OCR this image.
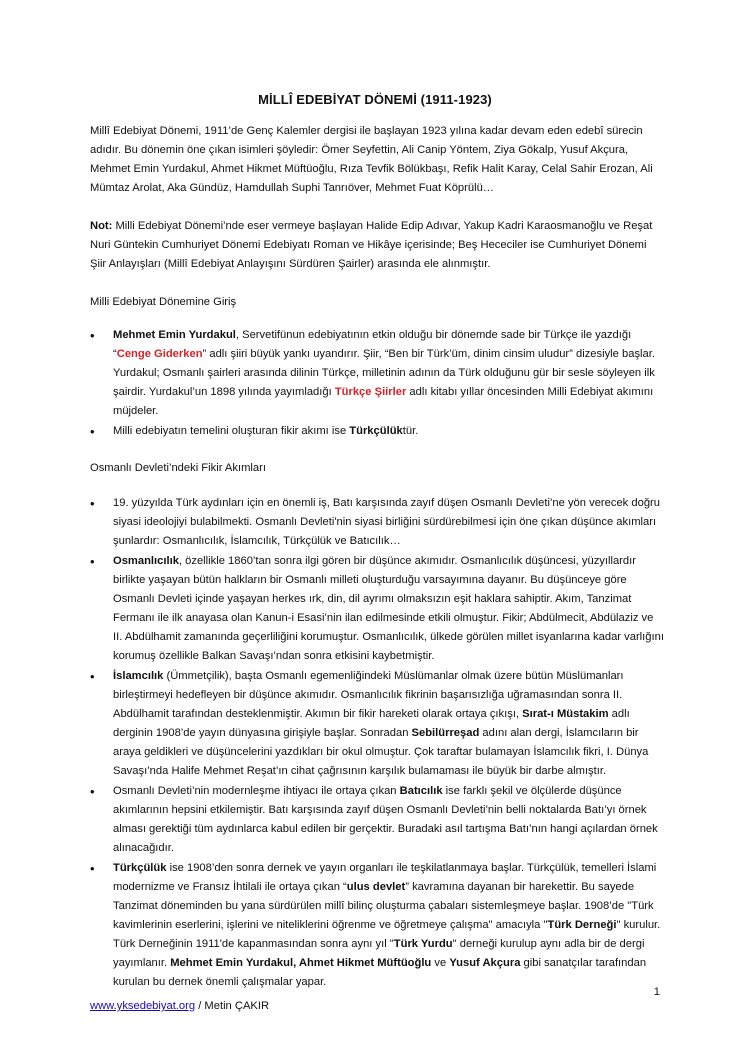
MİLLÎ EDEBİYAT DÖNEMİ (1911-1923)

Millî Edebiyat Dönemi, 1911’de Genç Kalemler dergisi ile başlayan 1923 yılına kadar devam eden edebî sürecin adıdır. Bu dönemin öne çıkan isimleri şöyledir: Ömer Seyfettin, Ali Canip Yöntem, Ziya Gökalp, Yusuf Akçura, Mehmet Emin Yurdakul, Ahmet Hikmet Müftüoğlu, Rıza Tevfik Bölükbaşı, Refik Halit Karay, Celal Sahir Erozan, Ali Mümtaz Arolat, Aka Gündüz, Hamdullah Suphi Tanrıöver, Mehmet Fuat Köprülü…

Not: Milli Edebiyat Dönemi’nde eser vermeye başlayan Halide Edip Adıvar, Yakup Kadri Karaosmanoğlu ve Reşat Nuri Güntekin Cumhuriyet Dönemi Edebiyatı Roman ve Hikâye içerisinde; Beş Hececiler ise Cumhuriyet Dönemi Şiir Anlayışları (Millî Edebiyat Anlayışını Sürdüren Şairler) arasında ele alınmıştır.

Milli Edebiyat Dönemine Giriş

• Mehmet Emin Yurdakul, Servetifünun edebiyatının etkin olduğu bir dönemde sade bir Türkçe ile yazdığı “Cenge Giderken” adlı şiiri büyük yankı uyandırır. Şiir, “Ben bir Türk’üm, dinim cinsim uludur” dizesiyle başlar. Yurdakul; Osmanlı şairleri arasında dilinin Türkçe, milletinin adının da Türk olduğunu gür bir sesle söyleyen ilk şairdir. Yurdakul’un 1898 yılında yayımladığı Türkçe Şiirler adlı kitabı yıllar öncesinden Milli Edebiyat akımını müjdeler.
• Milli edebiyatın temelini oluşturan fikir akımı ise Türkçülüktür.

Osmanlı Devleti’ndeki Fikir Akımları

• 19. yüzyılda Türk aydınları için en önemli iş, Batı karşısında zayıf düşen Osmanlı Devleti’ne yön verecek doğru siyasi ideolojiyi bulabilmekti. Osmanlı Devleti'nin siyasi birliğini sürdürebilmesi için öne çıkan düşünce akımları şunlardır: Osmanlıcılık, İslamcılık, Türkçülük ve Batıcılık…
• Osmanlıcılık, özellikle 1860’tan sonra ilgi gören bir düşünce akımıdır. Osmanlıcılık düşüncesi, yüzyıllardır birlikte yaşayan bütün halkların bir Osmanlı milleti oluşturduğu varsayımına dayanır. Bu düşünceye göre Osmanlı Devleti içinde yaşayan herkes ırk, din, dil ayrımı olmaksızın eşit haklara sahiptir. Akım, Tanzimat Fermanı ile ilk anayasa olan Kanun-i Esasi’nin ilan edilmesinde etkili olmuştur. Fikir; Abdülmecit, Abdülaziz ve II. Abdülhamit zamanında geçerliliğini korumuştur. Osmanlıcılık, ülkede görülen millet isyanlarına kadar varlığını korumuş özellikle Balkan Savaşı’ndan sonra etkisini kaybetmiştir.
• İslamcılık (Ümmetçilik), başta Osmanlı egemenliğindeki Müslümanlar olmak üzere bütün Müslümanları birleştirmeyi hedefleyen bir düşünce akımıdır. Osmanlıcılık fikrinin başarısızlığa uğramasından sonra II. Abdülhamit tarafından desteklenmiştir. Akımın bir fikir hareketi olarak ortaya çıkışı, Sırat-ı Müstakim adlı derginin 1908’de yayın dünyasına girişiyle başlar. Sonradan Sebilürreşad adını alan dergi, İslamcıların bir araya geldikleri ve düşüncelerini yazdıkları bir okul olmuştur. Çok taraftar bulamayan İslamcılık fikri, I. Dünya Savaşı’nda Halife Mehmet Reşat’ın cihat çağrısının karşılık bulamaması ile büyük bir darbe almıştır.
• Osmanlı Devleti’nin modernleşme ihtiyacı ile ortaya çıkan Batıcılık ise farklı şekil ve ölçülerde düşünce akımlarının hepsini etkilemiştir. Batı karşısında zayıf düşen Osmanlı Devleti’nin belli noktalarda Batı’yı örnek alması gerektiği tüm aydınlarca kabul edilen bir gerçektir. Buradaki asıl tartışma Batı’nın hangi açılardan örnek alınacağıdır.
• Türkçülük ise 1908’den sonra dernek ve yayın organları ile teşkilatlanmaya başlar. Türkçülük, temelleri İslami modernizme ve Fransız İhtilali ile ortaya çıkan “ulus devlet” kavramına dayanan bir harekettir. Bu sayede Tanzimat döneminden bu yana sürdürülen millî bilinç oluşturma çabaları sistemleşmeye başlar. 1908’de "Türk kavimlerinin eserlerini, işlerini ve niteliklerini öğrenme ve öğretmeye çalışma" amacıyla "Türk Derneği" kurulur. Türk Derneğinin 1911'de kapanmasından sonra aynı yıl "Türk Yurdu" derneği kurulup aynı adla bir de dergi yayımlanır. Mehmet Emin Yurdakul, Ahmet Hikmet Müftüoğlu ve Yusuf Akçura gibi sanatçılar tarafından kurulan bu dernek önemli çalışmalar yapar.
1
www.yksedebiyat.org / Metin ÇAKIR
